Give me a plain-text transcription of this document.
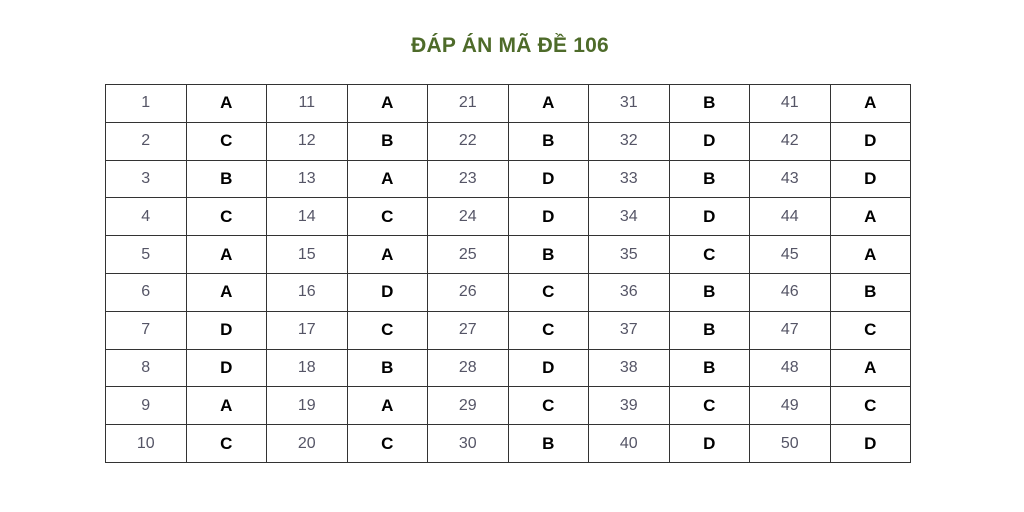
ĐÁP ÁN MÃ ĐỀ 106
1	A	11	A	21	A	31	B	41	A
2	C	12	B	22	B	32	D	42	D
3	B	13	A	23	D	33	B	43	D
4	C	14	C	24	D	34	D	44	A
5	A	15	A	25	B	35	C	45	A
6	A	16	D	26	C	36	B	46	B
7	D	17	C	27	C	37	B	47	C
8	D	18	B	28	D	38	B	48	A
9	A	19	A	29	C	39	C	49	C
10	C	20	C	30	B	40	D	50	D
